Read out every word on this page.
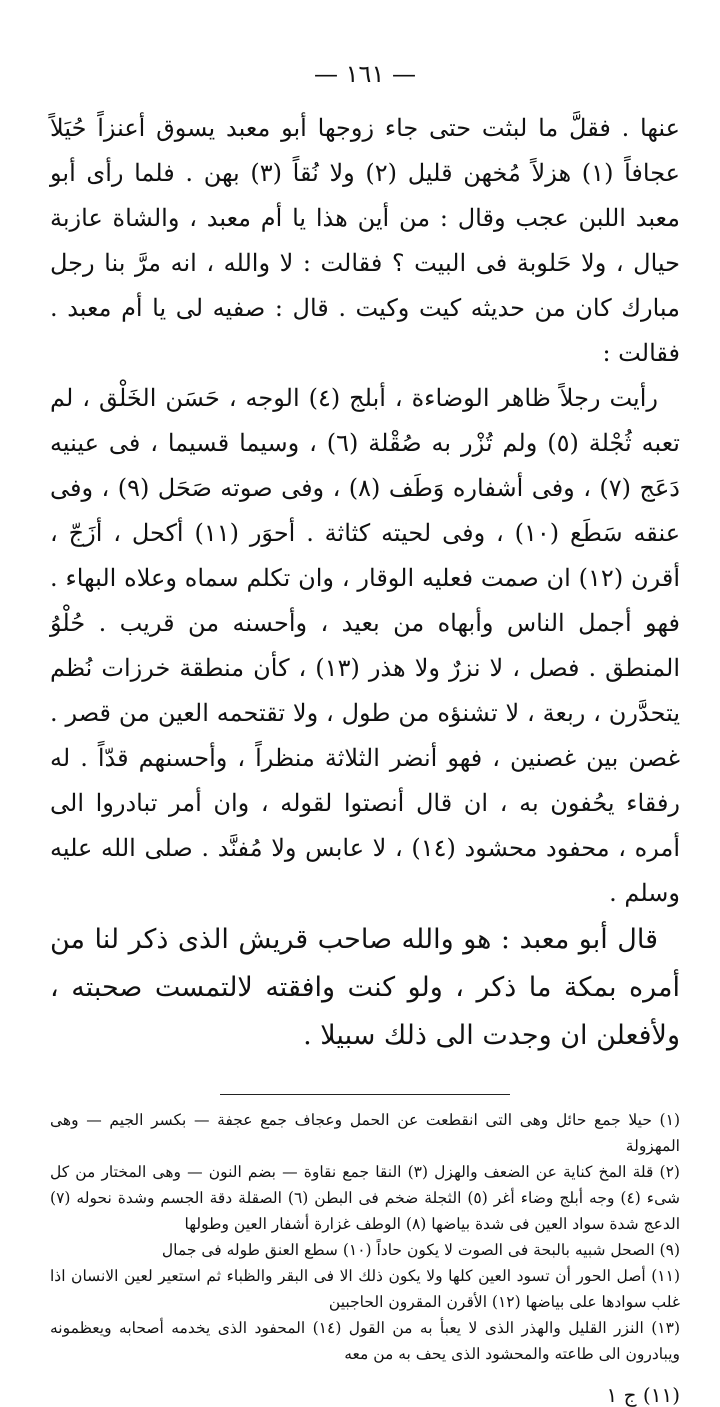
— ١٦١ —

عنها . فقلَّ ما لبثت حتى جاء زوجها أبو معبد يسوق أعنزاً حُيَلاً عجافاً (١) هزلاً مُخهن قليل (٢) ولا نُقاً (٣) بهن . فلما رأى أبو معبد اللبن عجب وقال : من أين هذا يا أم معبد ، والشاة عازبة حيال ، ولا حَلوبة فى البيت ؟ فقالت : لا والله ، انه مرَّ بنا رجل مبارك كان من حديثه كيت وكيت . قال : صفيه لى يا أم معبد . فقالت :

رأيت رجلاً ظاهر الوضاءة ، أبلج (٤) الوجه ، حَسَن الخَلْق ، لم تعبه ثُجْلة (٥) ولم تُزْر به صُقْلة (٦) ، وسيما قسيما ، فى عينيه دَعَج (٧) ، وفى أشفاره وَطَف (٨) ، وفى صوته صَحَل (٩) ، وفى عنقه سَطَع (١٠) ، وفى لحيته كثاثة . أحوَر (١١) أكحل ، أزَجّ ، أقرن (١٢) ان صمت فعليه الوقار ، وان تكلم سماه وعلاه البهاء . فهو أجمل الناس وأبهاه من بعيد ، وأحسنه من قريب . حُلْوُ المنطق . فصل ، لا نزرٌ ولا هذر (١٣) ، كأن منطقة خرزات نُظم يتحدَّرن ، ربعة ، لا تشنؤه من طول ، ولا تقتحمه العين من قصر . غصن بين غصنين ، فهو أنضر الثلاثة منظراً ، وأحسنهم قدّاً . له رفقاء يحُفون به ، ان قال أنصتوا لقوله ، وان أمر تبادروا الى أمره ، محفود محشود (١٤) ، لا عابس ولا مُفنَّد . صلى الله عليه وسلم .

قال أبو معبد : هو والله صاحب قريش الذى ذكر لنا من أمره بمكة ما ذكر ، ولو كنت وافقته لالتمست صحبته ، ولأفعلن ان وجدت الى ذلك سبيلا .

(١) حيلا جمع حائل وهى التى انقطعت عن الحمل وعجاف جمع عجفة — بكسر الجيم — وهى المهزولة

(٢) قلة المخ كناية عن الضعف والهزل (٣) النقا جمع نقاوة — بضم النون — وهى المختار من كل شىء (٤) وجه أبلج وضاء أغر (٥) الثجلة ضخم فى البطن (٦) الصقلة دقة الجسم وشدة نحوله (٧) الدعج شدة سواد العين فى شدة بياضها (٨) الوطف غزارة أشفار العين وطولها

(٩) الصحل شبيه بالبحة فى الصوت لا يكون حاداً (١٠) سطع العنق طوله فى جمال

(١١) أصل الحور أن تسود العين كلها ولا يكون ذلك الا فى البقر والظباء ثم استعير لعين الانسان اذا غلب سوادها على بياضها (١٢) الأقرن المقرون الحاجبين

(١٣) النزر القليل والهذر الذى لا يعبأ به من القول (١٤) المحفود الذى يخدمه أصحابه ويعظمونه ويبادرون الى طاعته والمحشود الذى يحف به من معه

(١١) ج ١
